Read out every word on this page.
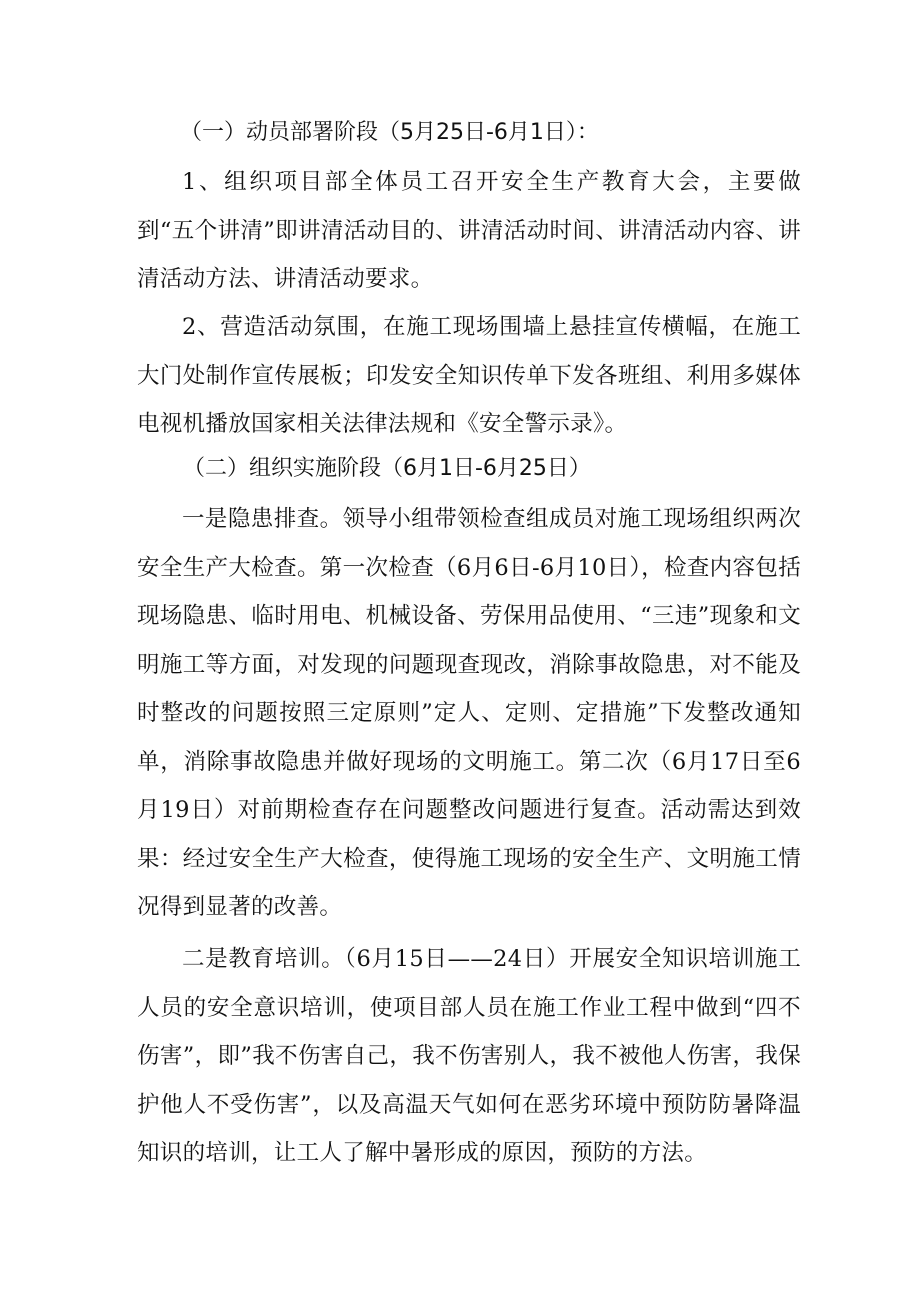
（一）动员部署阶段（5月25日-6月1日）：

1、组织项目部全体员工召开安全生产教育大会，主要做到“五个讲清”即讲清活动目的、讲清活动时间、讲清活动内容、讲清活动方法、讲清活动要求。

2、营造活动氛围，在施工现场围墙上悬挂宣传横幅，在施工大门处制作宣传展板；印发安全知识传单下发各班组、利用多媒体电视机播放国家相关法律法规和《安全警示录》。

（二）组织实施阶段（6月1日-6月25日）

一是隐患排查。领导小组带领检查组成员对施工现场组织两次安全生产大检查。第一次检查（6月6日-6月10日），检查内容包括现场隐患、临时用电、机械设备、劳保用品使用、“三违”现象和文明施工等方面，对发现的问题现查现改，消除事故隐患，对不能及时整改的问题按照三定原则”定人、定则、定措施”下发整改通知单，消除事故隐患并做好现场的文明施工。第二次（6月17日至6月19日）对前期检查存在问题整改问题进行复查。活动需达到效果：经过安全生产大检查，使得施工现场的安全生产、文明施工情况得到显著的改善。

二是教育培训。（6月15日——24日）开展安全知识培训施工人员的安全意识培训，使项目部人员在施工作业工程中做到“四不伤害”，即”我不伤害自己，我不伤害别人，我不被他人伤害，我保护他人不受伤害”，以及高温天气如何在恶劣环境中预防防暑降温知识的培训，让工人了解中暑形成的原因，预防的方法。
